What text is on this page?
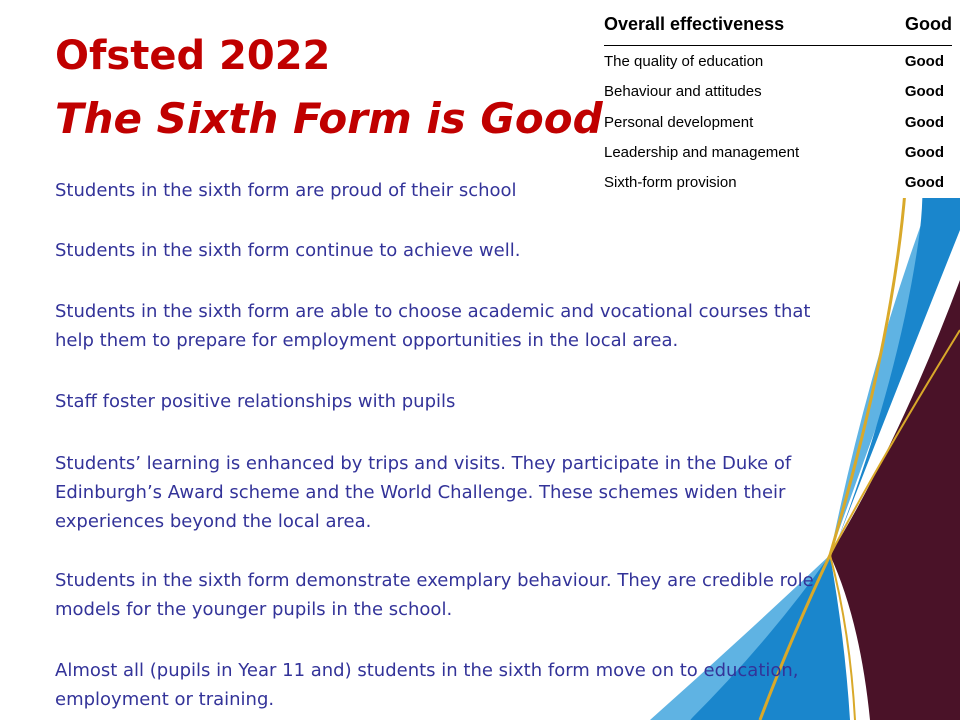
Overall effectiveness	Good
The quality of education	Good
Behaviour and attitudes	Good
Personal development	Good
Leadership and management	Good
Sixth-form provision	Good
Ofsted 2022
The Sixth Form is Good

Students in the sixth form are proud of their school

Students in the sixth form continue to achieve well.

Students in the sixth form are able to choose academic and vocational courses that help them to prepare for employment opportunities in the local area.

Staff foster positive relationships with pupils

Students’ learning is enhanced by trips and visits. They participate in the Duke of Edinburgh’s Award scheme and the World Challenge. These schemes widen their experiences beyond the local area.

Students in the sixth form demonstrate exemplary behaviour. They are credible role models for the younger pupils in the school.

Almost all (pupils in Year 11 and) students in the sixth form move on to education, employment or training.
